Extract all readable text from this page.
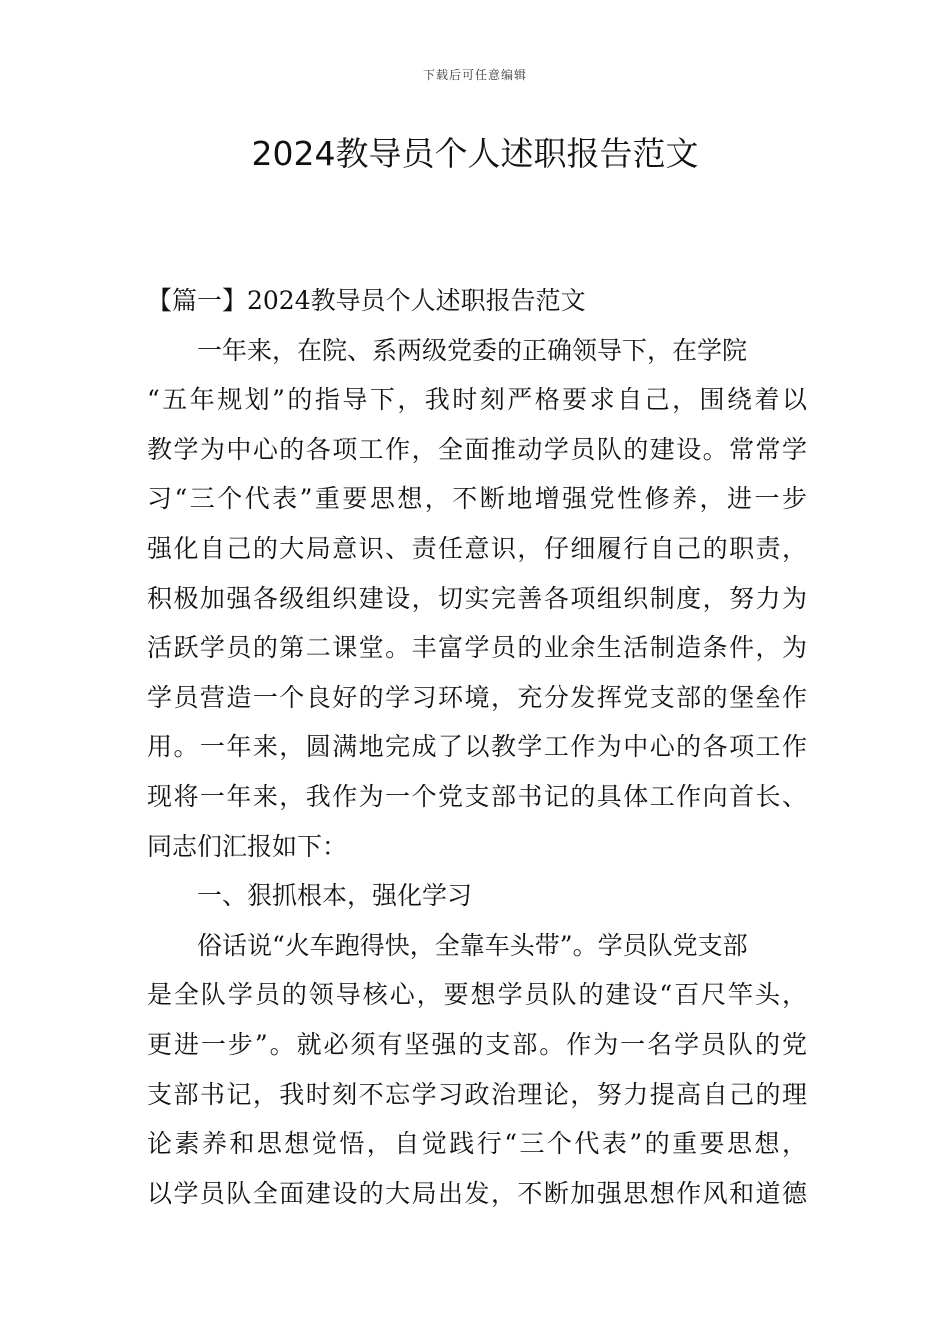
下载后可任意编辑
2024教导员个人述职报告范文
【篇一】2024教导员个人述职报告范文
一年来，在院、系两级党委的正确领导下，在学院
“五年规划”的指导下，我时刻严格要求自己，围绕着以
教学为中心的各项工作，全面推动学员队的建设。常常学
习“三个代表”重要思想，不断地增强党性修养，进一步
强化自己的大局意识、责任意识，仔细履行自己的职责，
积极加强各级组织建设，切实完善各项组织制度，努力为
活跃学员的第二课堂。丰富学员的业余生活制造条件，为
学员营造一个良好的学习环境，充分发挥党支部的堡垒作
用。一年来，圆满地完成了以教学工作为中心的各项工作
现将一年来，我作为一个党支部书记的具体工作向首长、
同志们汇报如下：
一、狠抓根本，强化学习
俗话说“火车跑得快，全靠车头带”。学员队党支部
是全队学员的领导核心，要想学员队的建设“百尺竿头，
更进一步”。就必须有坚强的支部。作为一名学员队的党
支部书记，我时刻不忘学习政治理论，努力提高自己的理
论素养和思想觉悟，自觉践行“三个代表”的重要思想，
以学员队全面建设的大局出发，不断加强思想作风和道德
